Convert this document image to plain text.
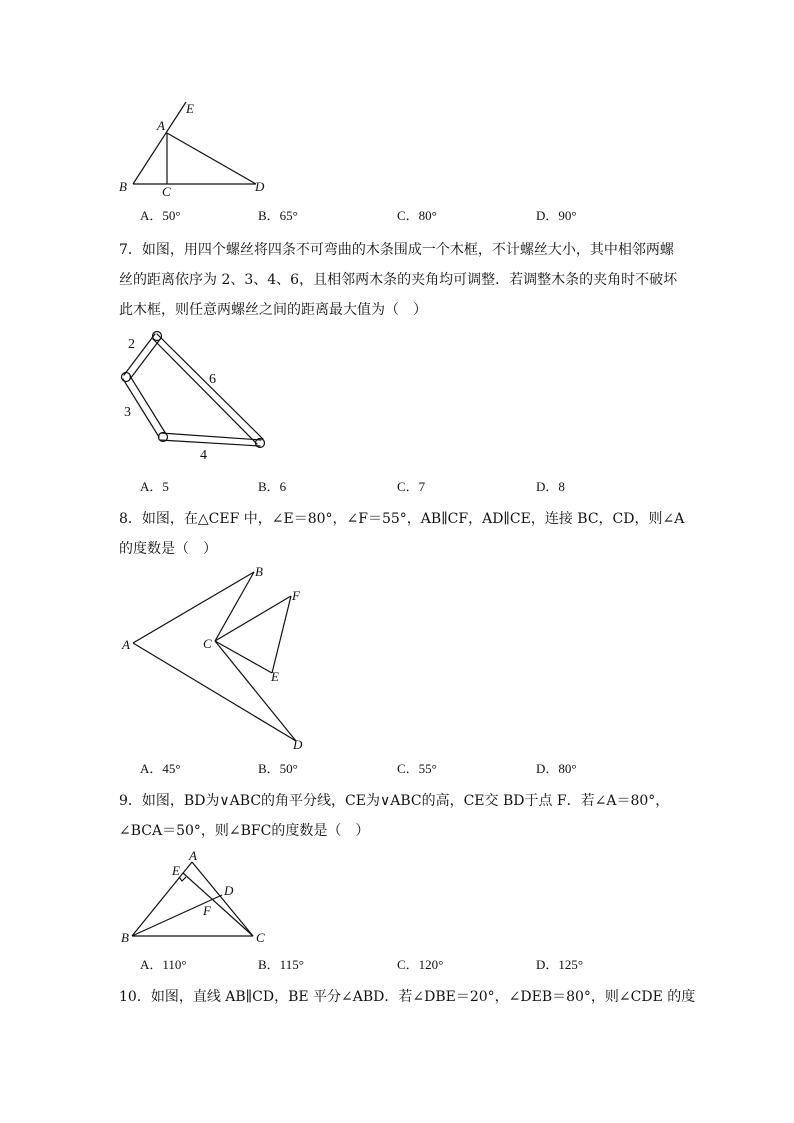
E
A
B	C	D
A．50°	B．65°	C．80°	D．90°
7．如图，用四个螺丝将四条不可弯曲的木条围成一个木框，不计螺丝大小，其中相邻两螺
丝的距离依序为 2、3、4、6，且相邻两木条的夹角均可调整．若调整木条的夹角时不破坏
此木框，则任意两螺丝之间的距离最大值为（　）
2
3
4
6
A．5	B．6	C．7	D．8
8．如图，在△CEF 中，∠E＝80°，∠F＝55°，AB∥CF，AD∥CE，连接 BC，CD，则∠A
的度数是（　）
A
B
C
D
E
F
A．45°	B．50°	C．55°	D．80°
9．如图，BD为∨ABC的角平分线，CE为∨ABC的高，CE交 BD于点 F．若∠A＝80°，
∠BCA＝50°，则∠BFC的度数是（　）
A
E
D
F
B	C
A．110°	B．115°	C．120°	D．125°
10．如图，直线 AB∥CD，BE 平分∠ABD．若∠DBE＝20°，∠DEB＝80°，则∠CDE 的度
